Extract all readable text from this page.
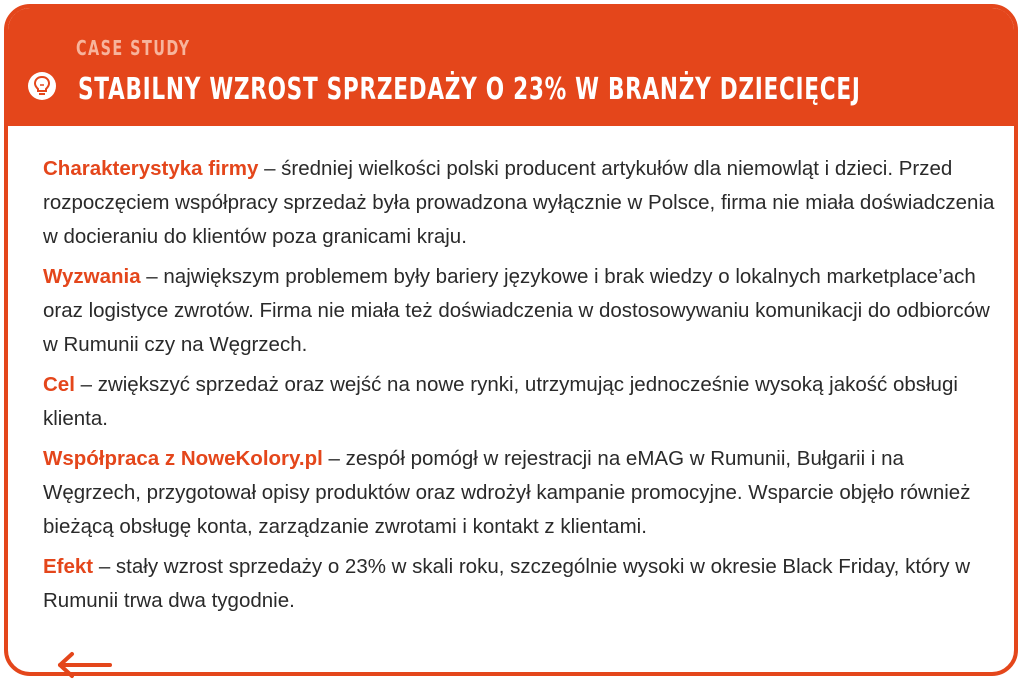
CASE STUDY
STABILNY WZROST SPRZEDAŻY O 23% W BRANŻY DZIECIĘCEJ

Charakterystyka firmy – średniej wielkości polski producent artykułów dla niemowląt i dzieci. Przed rozpoczęciem współpracy sprzedaż była prowadzona wyłącznie w Polsce, firma nie miała doświadczenia w docieraniu do klientów poza granicami kraju.

Wyzwania – największym problemem były bariery językowe i brak wiedzy o lokalnych marketplace’ach oraz logistyce zwrotów. Firma nie miała też doświadczenia w dostosowywaniu komunikacji do odbiorców w Rumunii czy na Węgrzech.

Cel – zwiększyć sprzedaż oraz wejść na nowe rynki, utrzymując jednocześnie wysoką jakość obsługi klienta.

Współpraca z NoweKolory.pl – zespół pomógł w rejestracji na eMAG w Rumunii, Bułgarii i na Węgrzech, przygotował opisy produktów oraz wdrożył kampanie promocyjne. Wsparcie objęło również bieżącą obsługę konta, zarządzanie zwrotami i kontakt z klientami.

Efekt – stały wzrost sprzedaży o 23% w skali roku, szczególnie wysoki w okresie Black Friday, który w Rumunii trwa dwa tygodnie.
